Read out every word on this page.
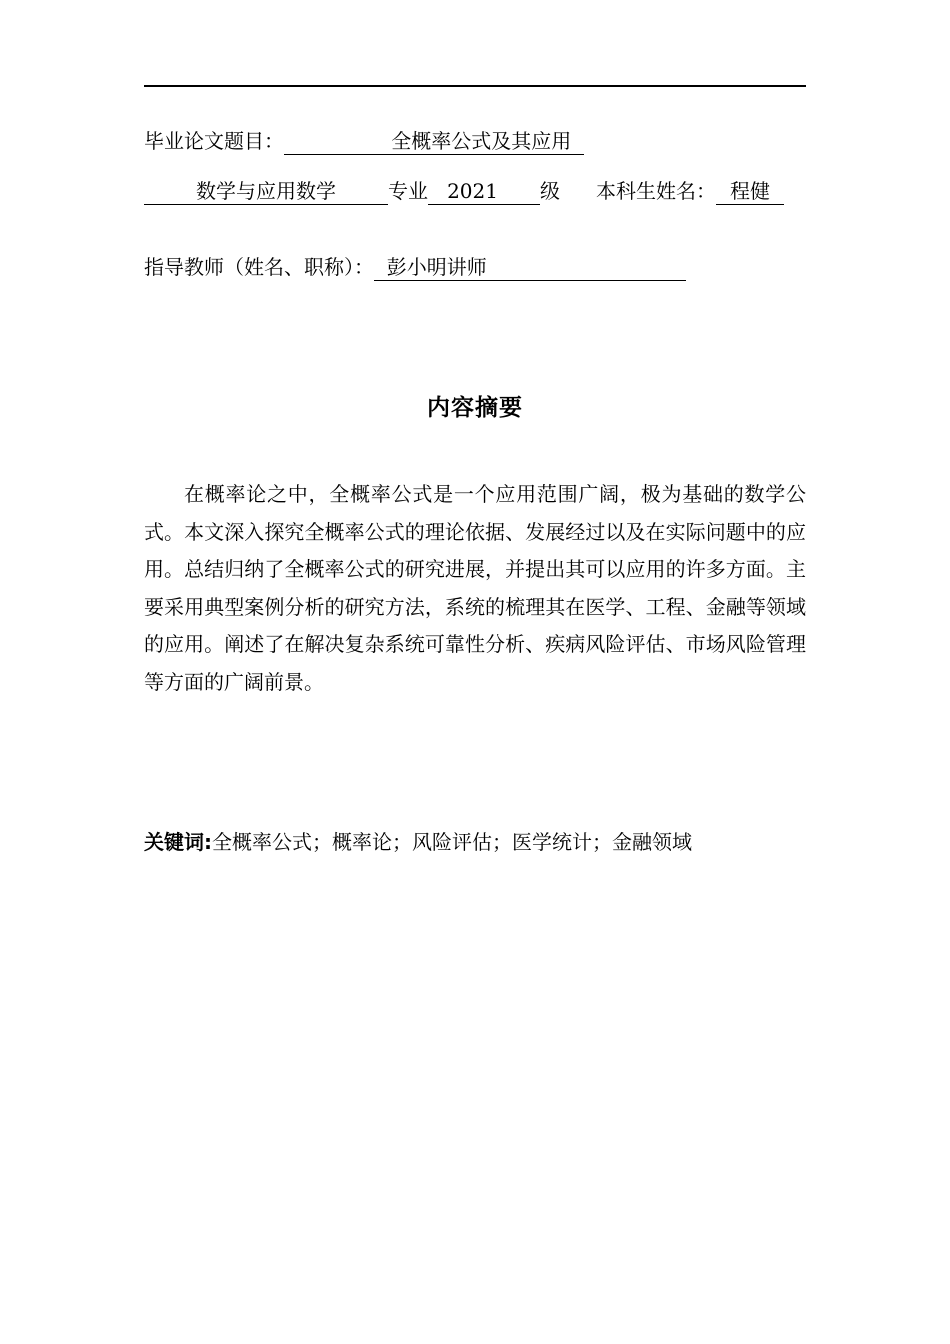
毕业论文题目：	全概率公式及其应用
数学与应用数学	专业 2021 级 本科生姓名： 程健
指导教师（姓名、职称）： 彭小明讲师
内容摘要

在概率论之中，全概率公式是一个应用范围广阔，极为基础的数学公式。本文深入探究全概率公式的理论依据、发展经过以及在实际问题中的应用。总结归纳了全概率公式的研究进展，并提出其可以应用的许多方面。主要采用典型案例分析的研究方法，系统的梳理其在医学、工程、金融等领域的应用。阐述了在解决复杂系统可靠性分析、疾病风险评估、市场风险管理等方面的广阔前景。

关键词:全概率公式；概率论；风险评估；医学统计；金融领域
